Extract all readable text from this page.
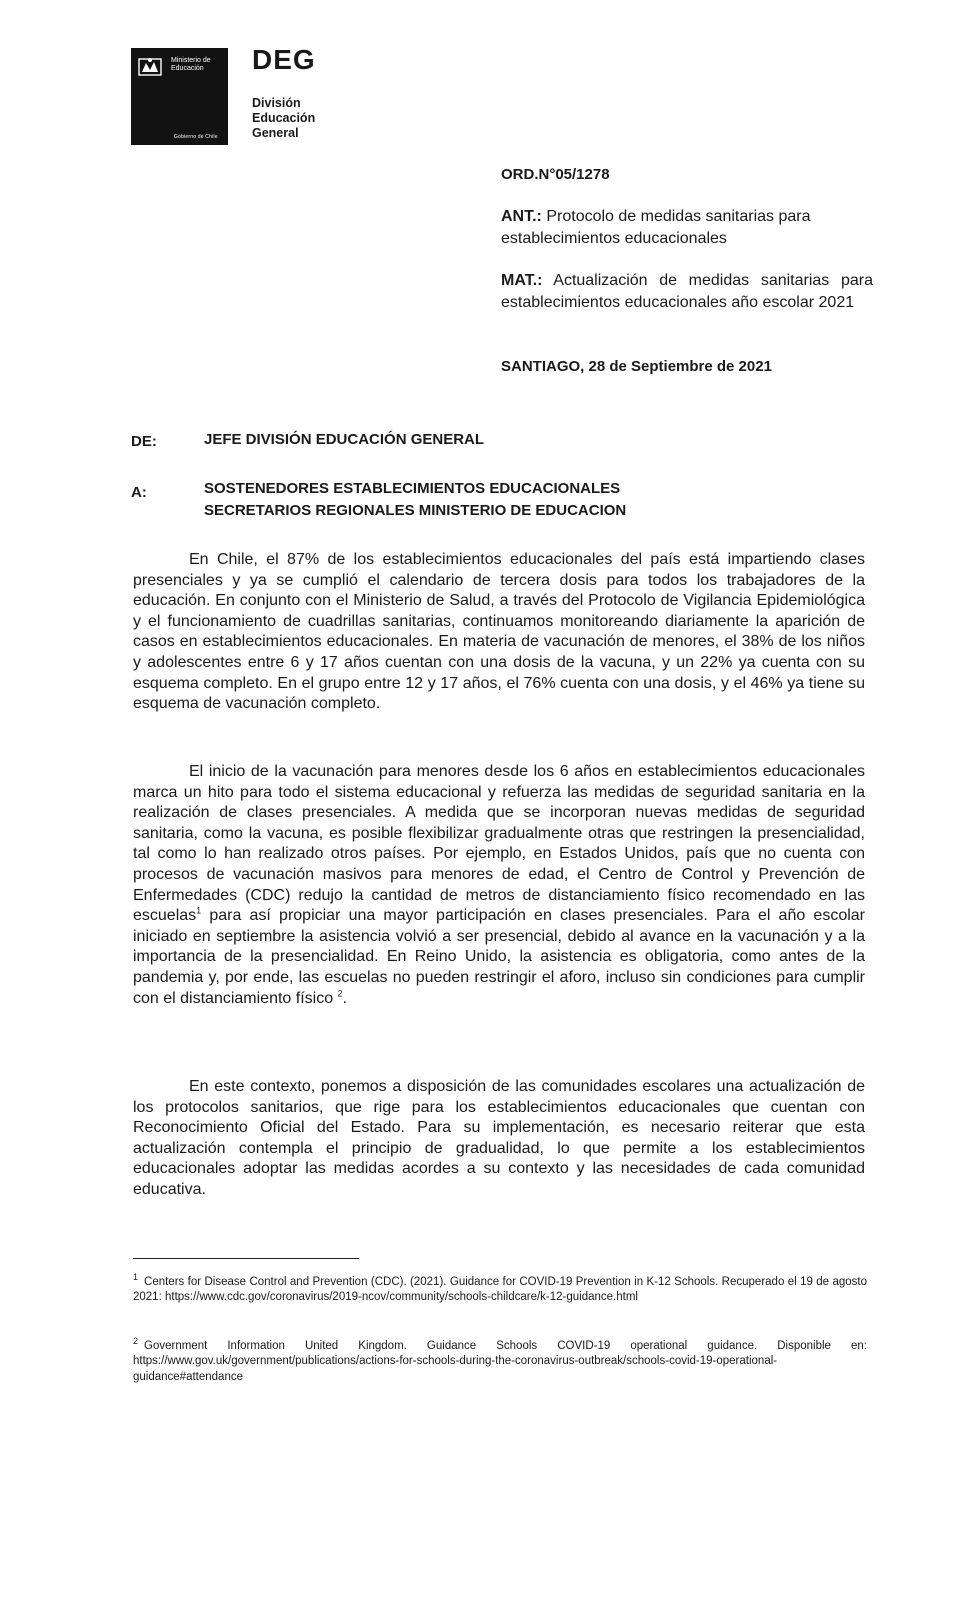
Ministerio de Educación
Gobierno de Chile
DEG
División
Educación
General
ORD.N°05/1278
ANT.: Protocolo de medidas sanitarias para establecimientos educacionales
MAT.: Actualización de medidas sanitarias para establecimientos educacionales año escolar 2021
SANTIAGO, 28 de Septiembre de 2021
DE:	JEFE DIVISIÓN EDUCACIÓN GENERAL
A:	SOSTENEDORES ESTABLECIMIENTOS EDUCACIONALES
SECRETARIOS REGIONALES MINISTERIO DE EDUCACION

En Chile, el 87% de los establecimientos educacionales del país está impartiendo clases presenciales y ya se cumplió el calendario de tercera dosis para todos los trabajadores de la educación. En conjunto con el Ministerio de Salud, a través del Protocolo de Vigilancia Epidemiológica y el funcionamiento de cuadrillas sanitarias, continuamos monitoreando diariamente la aparición de casos en establecimientos educacionales. En materia de vacunación de menores, el 38% de los niños y adolescentes entre 6 y 17 años cuentan con una dosis de la vacuna, y un 22% ya cuenta con su esquema completo. En el grupo entre 12 y 17 años, el 76% cuenta con una dosis, y el 46% ya tiene su esquema de vacunación completo.

El inicio de la vacunación para menores desde los 6 años en establecimientos educacionales marca un hito para todo el sistema educacional y refuerza las medidas de seguridad sanitaria en la realización de clases presenciales. A medida que se incorporan nuevas medidas de seguridad sanitaria, como la vacuna, es posible flexibilizar gradualmente otras que restringen la presencialidad, tal como lo han realizado otros países. Por ejemplo, en Estados Unidos, país que no cuenta con procesos de vacunación masivos para menores de edad, el Centro de Control y Prevención de Enfermedades (CDC) redujo la cantidad de metros de distanciamiento físico recomendado en las escuelas$^1$ para así propiciar una mayor participación en clases presenciales. Para el año escolar iniciado en septiembre la asistencia volvió a ser presencial, debido al avance en la vacunación y a la importancia de la presencialidad. En Reino Unido, la asistencia es obligatoria, como antes de la pandemia y, por ende, las escuelas no pueden restringir el aforo, incluso sin condiciones para cumplir con el distanciamiento físico $^2$.

En este contexto, ponemos a disposición de las comunidades escolares una actualización de los protocolos sanitarios, que rige para los establecimientos educacionales que cuentan con Reconocimiento Oficial del Estado. Para su implementación, es necesario reiterar que esta actualización contempla el principio de gradualidad, lo que permite a los establecimientos educacionales adoptar las medidas acordes a su contexto y las necesidades de cada comunidad educativa.

$^1$ Centers for Disease Control and Prevention (CDC). (2021). Guidance for COVID-19 Prevention in K-12 Schools. Recuperado el 19 de agosto 2021: https://www.cdc.gov/coronavirus/2019-ncov/community/schools-childcare/k-12-guidance.html

$^2$ Government Information United Kingdom. Guidance Schools COVID-19 operational guidance. Disponible en: https://www.gov.uk/government/publications/actions-for-schools-during-the-coronavirus-outbreak/schools-covid-19-operational-guidance#attendance
